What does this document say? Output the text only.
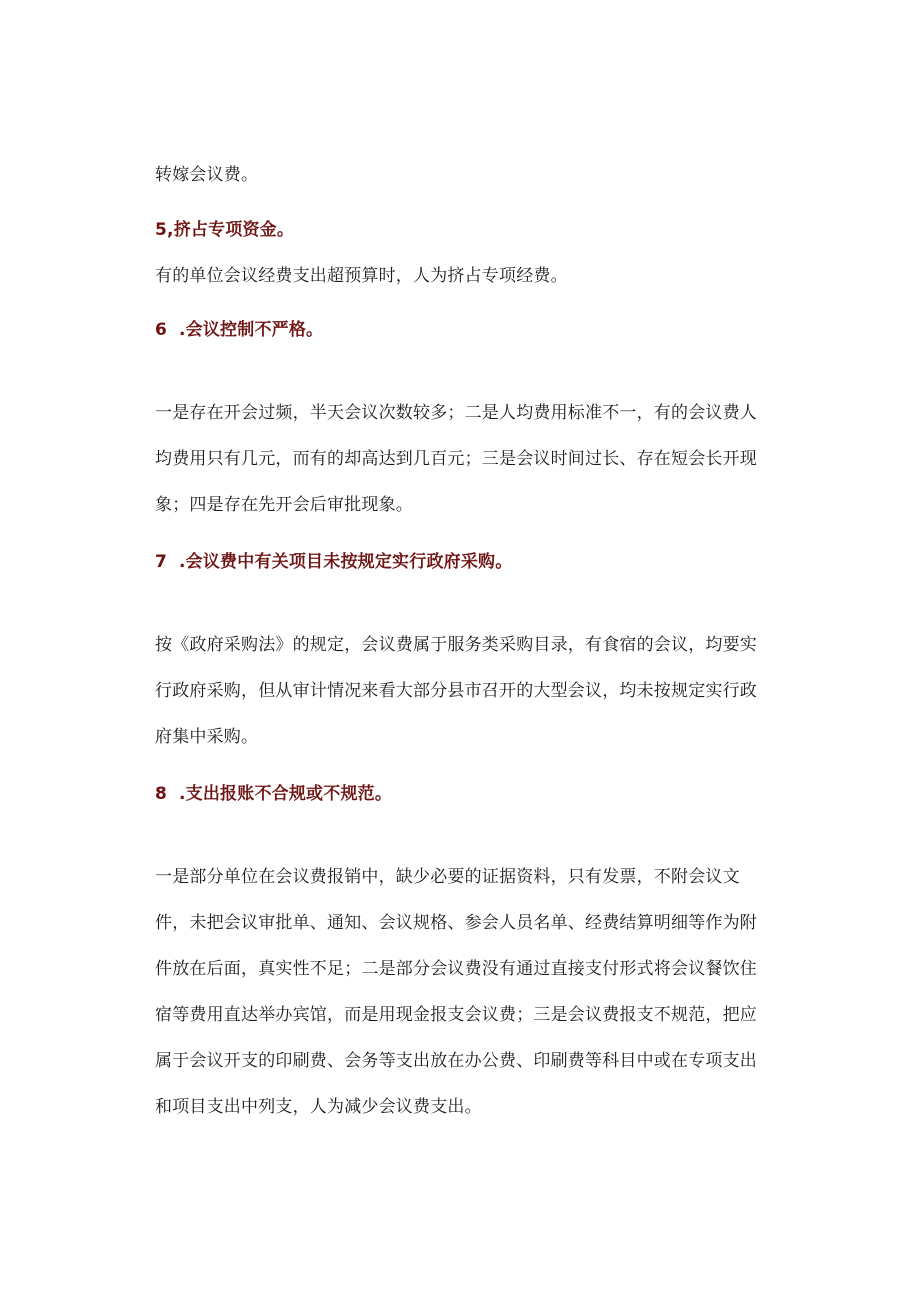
转嫁会议费。

5,挤占专项资金。

有的单位会议经费支出超预算时，人为挤占专项经费。

6 .会议控制不严格。

一是存在开会过频，半天会议次数较多；二是人均费用标准不一，有的会议费人均费用只有几元，而有的却高达到几百元；三是会议时间过长、存在短会长开现象；四是存在先开会后审批现象。

7 .会议费中有关项目未按规定实行政府采购。

按《政府采购法》的规定，会议费属于服务类采购目录，有食宿的会议，均要实行政府采购，但从审计情况来看大部分县市召开的大型会议，均未按规定实行政府集中采购。

8 .支出报账不合规或不规范。

一是部分单位在会议费报销中，缺少必要的证据资料，只有发票，不附会议文件，未把会议审批单、通知、会议规格、参会人员名单、经费结算明细等作为附件放在后面，真实性不足；二是部分会议费没有通过直接支付形式将会议餐饮住宿等费用直达举办宾馆，而是用现金报支会议费；三是会议费报支不规范，把应属于会议开支的印刷费、会务等支出放在办公费、印刷费等科目中或在专项支出和项目支出中列支，人为减少会议费支出。
